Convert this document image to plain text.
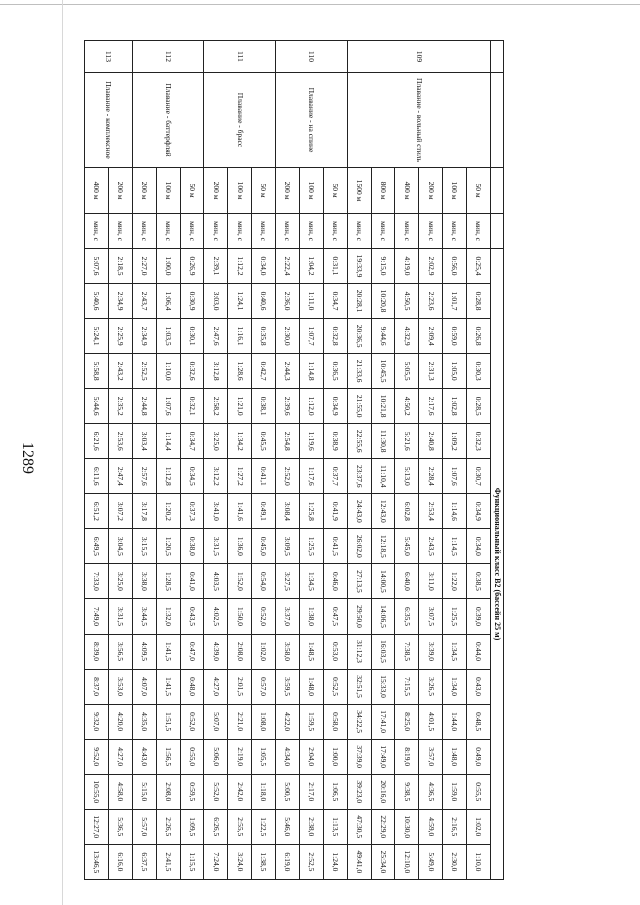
1289
				Функциональный класс В2 (бассейн 25 м)																	
109	Плавание - вольный стиль	50 м	мин, с	0:25,4	0:28,8	0:26,8	0:30,3	0:28,5	0:32,3	0:30,7	0:34,9	0:34,0	0:38,5	0:39,0	0:44,0	0:43,0	0:48,5	0:49,0	0:55,5	1:02,0	1:10,0
		100 м	мин, с	0:56,0	1:01,7	0:59,0	1:05,0	1:02,8	1:09,2	1:07,6	1:14,6	1:14,5	1:22,0	1:25,5	1:34,5	1:34,0	1:44,0	1:48,0	1:59,0	2:16,5	2:30,0
		200 м	мин, с	2:02,9	2:23,6	2:09,4	2:31,3	2:17,6	2:40,8	2:28,4	2:53,4	2:43,5	3:11,0	3:07,5	3:39,0	3:26,5	4:01,5	3:57,0	4:36,5	4:59,0	5:49,0
		400 м	мин, с	4:19,0	4:50,5	4:32,9	5:05,5	4:50,2	5:21,6	5:13,0	6:02,8	5:45,0	6:40,0	6:35,5	7:38,5	7:15,5	8:25,0	8:19,0	9:38,5	10:30,0	12:10,0
		800 м	мин, с	9:15,0	10:20,8	9:44,6	10:45,5	10:21,8	11:30,8	11:10,4	12:43,0	12:18,5	14:00,5	14:06,5	16:03,5	15:33,0	17:41,0	17:49,0	20:16,0	22:29,0	25:34,0
		1500 м	мин, с	19:33,9	20:28,1	20:36,5	21:33,6	21:55,0	22:55,6	23:37,6	24:43,0	26:02,0	27:13,5	29:50,0	31:12,3	32:51,5	34:22,5	37:39,0	39:23,0	47:30,5	49:41,0
110	Плавание - на спине	50 м	мин, с	0:31,1	0:34,7	0:32,8	0:36,5	0:34,9	0:38,9	0:37,7	0:41,9	0:41,5	0:46,0	0:47,5	0:53,0	0:52,5	0:58,0	1:00,0	1:06,5	1:13,5	1:24,0
		100 м	мин, с	1:04,2	1:11,0	1:07,7	1:14,8	1:12,0	1:19,6	1:17,6	1:25,8	1:25,5	1:34,5	1:38,0	1:48,5	1:48,0	1:59,5	2:04,0	2:17,0	2:38,0	2:52,5
		200 м	мин, с	2:22,4	2:36,0	2:30,0	2:44,3	2:39,6	2:54,8	2:52,0	3:08,4	3:09,5	3:27,5	3:37,0	3:58,0	3:59,5	4:22,0	4:34,0	5:00,5	5:46,0	6:19,0
111	Плавание - брасс	50 м	мин, с	0:34,0	0:40,6	0:35,8	0:42,7	0:38,1	0:45,5	0:41,1	0:49,1	0:45,0	0:54,0	0:52,0	1:02,0	0:57,0	1:08,0	1:05,5	1:18,0	1:22,5	1:38,5
		100 м	мин, с	1:12,2	1:24,1	1:16,1	1:28,6	1:21,0	1:34,2	1:27,2	1:41,6	1:36,0	1:52,0	1:50,0	2:08,0	2:01,5	2:21,0	2:19,0	2:42,0	2:55,5	3:24,0
		200 м	мин, с	2:39,1	3:03,0	2:47,6	3:12,8	2:58,2	3:25,0	3:12,2	3:41,0	3:31,5	4:03,5	4:02,5	4:39,0	4:27,0	5:07,0	5:06,0	5:52,0	6:26,5	7:24,0
112	Плавание - баттерфляй	50 м	мин, с	0:26,9	0:30,9	0:30,1	0:32,6	0:32,1	0:34,7	0:34,5	0:37,3	0:38,0	0:41,0	0:43,5	0:47,0	0:48,0	0:52,0	0:55,0	0:59,5	1:09,5	1:15,5
		100 м	мин, с	1:00,0	1:06,4	1:03,5	1:10,0	1:07,6	1:14,4	1:12,8	1:20,2	1:20,5	1:28,5	1:32,0	1:41,5	1:41,5	1:51,5	1:56,5	2:08,0	2:26,5	2:41,5
		200 м	мин, с	2:27,0	2:43,7	2:34,9	2:52,5	2:44,8	3:03,4	2:57,6	3:17,8	3:15,5	3:38,0	3:44,5	4:09,5	4:07,0	4:35,0	4:43,0	5:15,0	5:57,0	6:37,5
113	Плавание - комплексное	200 м	мин, с	2:18,5	2:34,9	2:25,9	2:43,2	2:35,2	2:53,6	2:47,4	3:07,2	3:04,5	3:25,0	3:31,5	3:56,5	3:53,0	4:20,0	4:27,0	4:58,0	5:36,5	6:16,0
		400 м	мин, с	5:07,6	5:40,6	5:24,1	5:58,8	5:44,6	6:21,6	6:11,6	6:51,2	6:49,5	7:33,0	7:49,0	8:39,0	8:37,0	9:32,0	9:52,0	10:55,0	12:27,0	13:46,5
